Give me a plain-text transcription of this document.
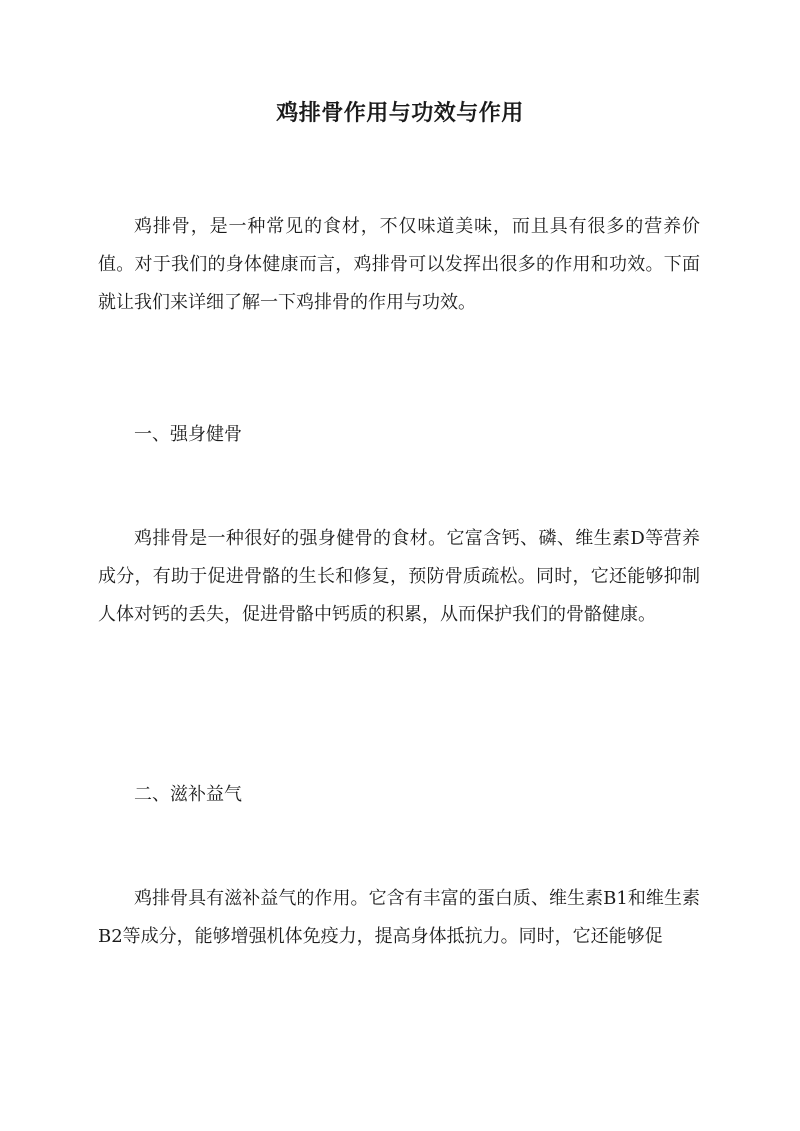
鸡排骨作用与功效与作用

鸡排骨，是一种常见的食材，不仅味道美味，而且具有很多的营养价值。对于我们的身体健康而言，鸡排骨可以发挥出很多的作用和功效。下面就让我们来详细了解一下鸡排骨的作用与功效。

一、强身健骨

鸡排骨是一种很好的强身健骨的食材。它富含钙、磷、维生素D等营养成分，有助于促进骨骼的生长和修复，预防骨质疏松。同时，它还能够抑制人体对钙的丢失，促进骨骼中钙质的积累，从而保护我们的骨骼健康。

二、滋补益气

鸡排骨具有滋补益气的作用。它含有丰富的蛋白质、维生素B1和维生素B2等成分，能够增强机体免疫力，提高身体抵抗力。同时，它还能够促
